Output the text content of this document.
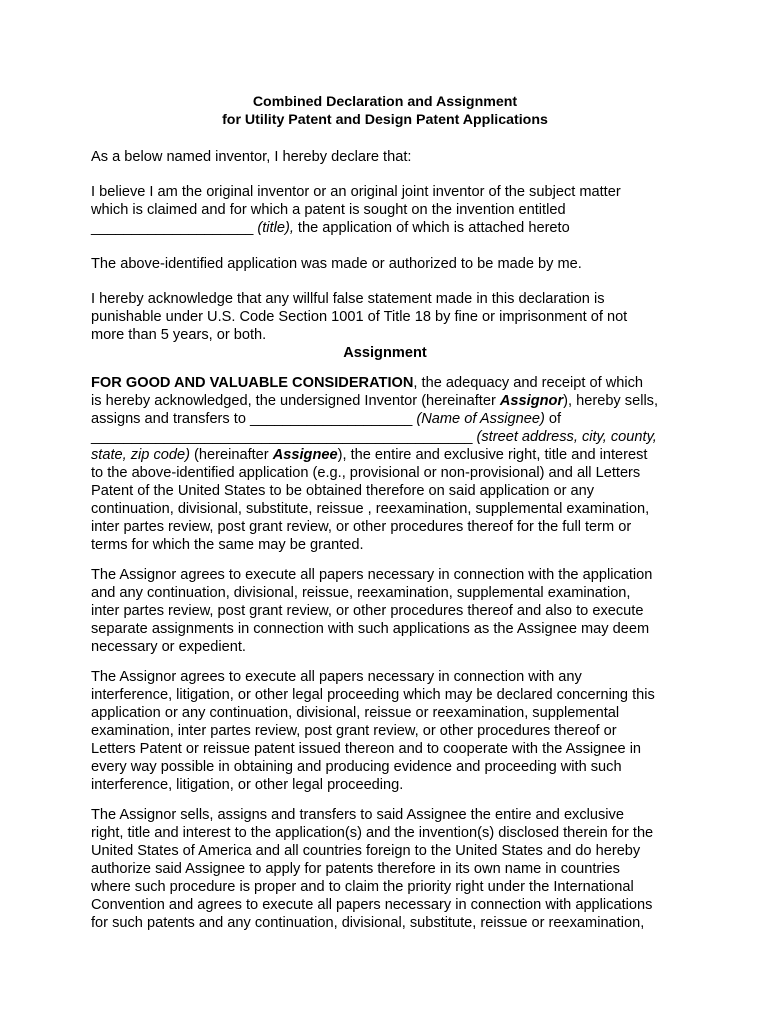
Combined Declaration and Assignment
for Utility Patent and Design Patent Applications
As a below named inventor, I hereby declare that:
I believe I am the original inventor or an original joint inventor of the subject matter
which is claimed and for which a patent is sought on the invention entitled
____________________ (title), the application of which is attached hereto
The above-identified application was made or authorized to be made by me.
I hereby acknowledge that any willful false statement made in this declaration is
punishable under U.S. Code Section 1001 of Title 18 by fine or imprisonment of not
more than 5 years, or both.
Assignment
FOR GOOD AND VALUABLE CONSIDERATION, the adequacy and receipt of which
is hereby acknowledged, the undersigned Inventor (hereinafter Assignor), hereby sells,
assigns and transfers to ____________________ (Name of Assignee) of
_______________________________________________ (street address, city, county,
state, zip code) (hereinafter Assignee), the entire and exclusive right, title and interest
to the above-identified application (e.g., provisional or non-provisional) and all Letters
Patent of the United States to be obtained therefore on said application or any
continuation, divisional, substitute, reissue , reexamination, supplemental examination,
inter partes review, post grant review, or other procedures thereof for the full term or
terms for which the same may be granted.
The Assignor agrees to execute all papers necessary in connection with the application
and any continuation, divisional, reissue, reexamination, supplemental examination,
inter partes review, post grant review, or other procedures thereof and also to execute
separate assignments in connection with such applications as the Assignee may deem
necessary or expedient.
The Assignor agrees to execute all papers necessary in connection with any
interference, litigation, or other legal proceeding which may be declared concerning this
application or any continuation, divisional, reissue or reexamination, supplemental
examination, inter partes review, post grant review, or other procedures thereof or
Letters Patent or reissue patent issued thereon and to cooperate with the Assignee in
every way possible in obtaining and producing evidence and proceeding with such
interference, litigation, or other legal proceeding.
The Assignor sells, assigns and transfers to said Assignee the entire and exclusive
right, title and interest to the application(s) and the invention(s) disclosed therein for the
United States of America and all countries foreign to the United States and do hereby
authorize said Assignee to apply for patents therefore in its own name in countries
where such procedure is proper and to claim the priority right under the International
Convention and agrees to execute all papers necessary in connection with applications
for such patents and any continuation, divisional, substitute, reissue or reexamination,
